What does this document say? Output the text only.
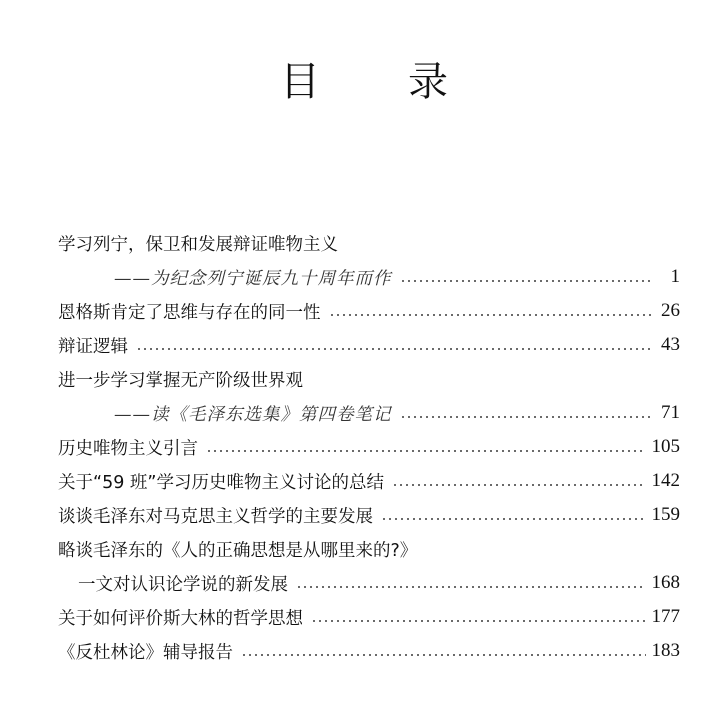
目 录
学习列宁，保卫和发展辩证唯物主义
——为纪念列宁诞辰九十周年而作	1
恩格斯肯定了思维与存在的同一性	26
辩证逻辑	43
进一步学习掌握无产阶级世界观
——读《毛泽东选集》第四卷笔记	71
历史唯物主义引言	105
关于“59 班”学习历史唯物主义讨论的总结	142
谈谈毛泽东对马克思主义哲学的主要发展	159
略谈毛泽东的《人的正确思想是从哪里来的?》
一文对认识论学说的新发展	168
关于如何评价斯大林的哲学思想	177
《反杜林论》辅导报告	183
